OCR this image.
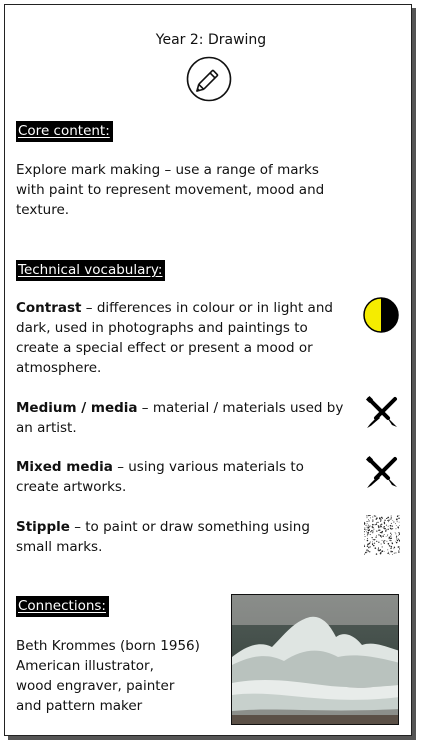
Year 2: Drawing
Core content:
Explore mark making – use a range of marks
with paint to represent movement, mood and
texture.
Technical vocabulary:
Contrast – differences in colour or in light and
dark, used in photographs and paintings to
create a special effect or present a mood or
atmosphere.
Medium / media – material / materials used by
an artist.
Mixed media – using various materials to
create artworks.
Stipple – to paint or draw something using
small marks.
Connections:
Beth Krommes (born 1956)
American illustrator,
wood engraver, painter
and pattern maker
